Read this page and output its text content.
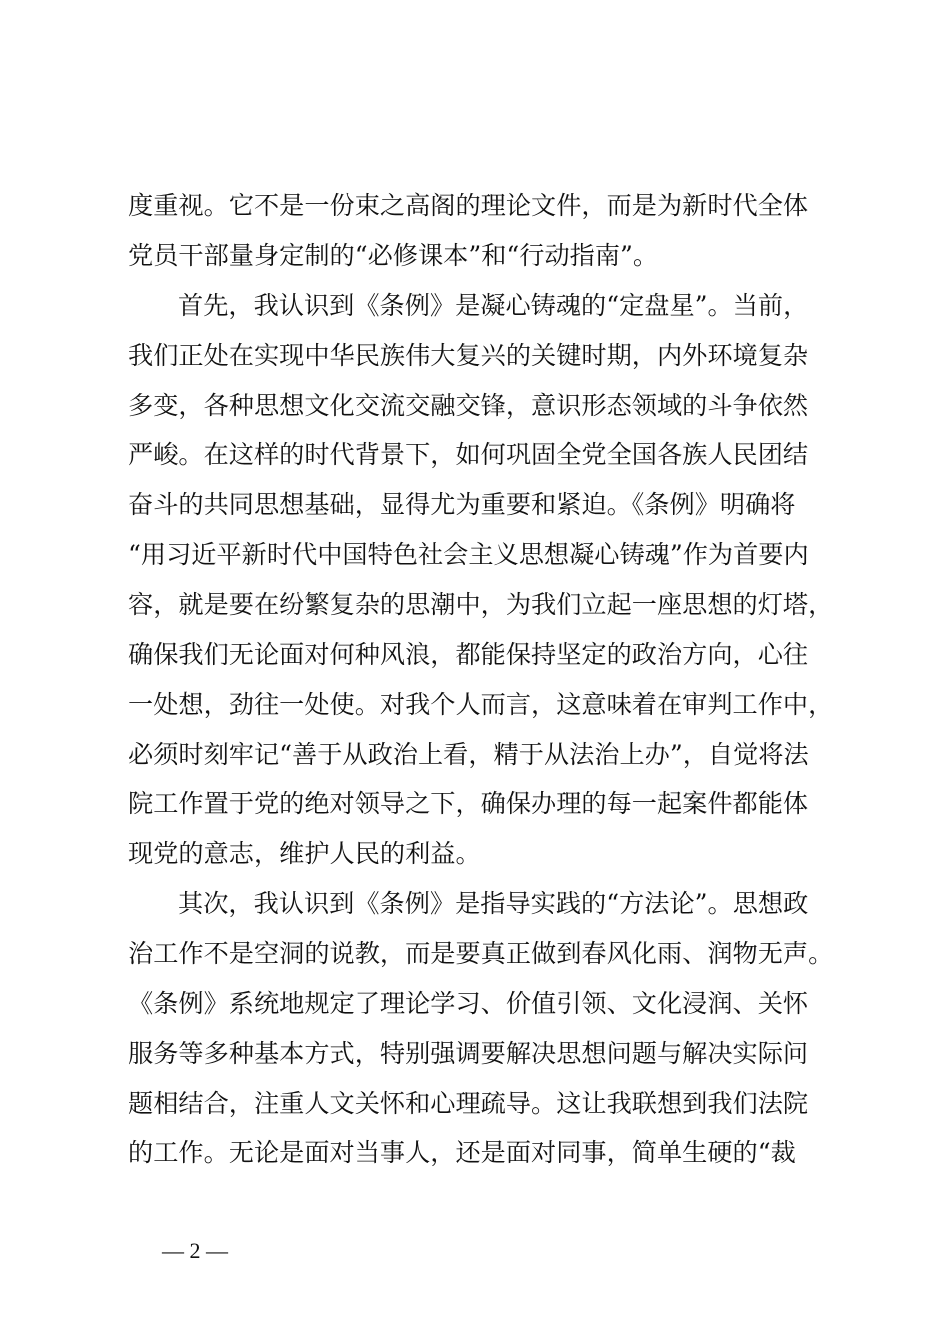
度重视。它不是一份束之高阁的理论文件，而是为新时代全体
党员干部量身定制的“必修课本”和“行动指南”。
首先，我认识到《条例》是凝心铸魂的“定盘星”。当前，
我们正处在实现中华民族伟大复兴的关键时期，内外环境复杂
多变，各种思想文化交流交融交锋，意识形态领域的斗争依然
严峻。在这样的时代背景下，如何巩固全党全国各族人民团结
奋斗的共同思想基础，显得尤为重要和紧迫。《条例》明确将
“用习近平新时代中国特色社会主义思想凝心铸魂”作为首要内
容，就是要在纷繁复杂的思潮中，为我们立起一座思想的灯塔，
确保我们无论面对何种风浪，都能保持坚定的政治方向，心往
一处想，劲往一处使。对我个人而言，这意味着在审判工作中，
必须时刻牢记“善于从政治上看，精于从法治上办”，自觉将法
院工作置于党的绝对领导之下，确保办理的每一起案件都能体
现党的意志，维护人民的利益。
其次，我认识到《条例》是指导实践的“方法论”。思想政
治工作不是空洞的说教，而是要真正做到春风化雨、润物无声。
《条例》系统地规定了理论学习、价值引领、文化浸润、关怀
服务等多种基本方式，特别强调要解决思想问题与解决实际问
题相结合，注重人文关怀和心理疏导。这让我联想到我们法院
的工作。无论是面对当事人，还是面对同事，简单生硬的“裁
— 2 —
